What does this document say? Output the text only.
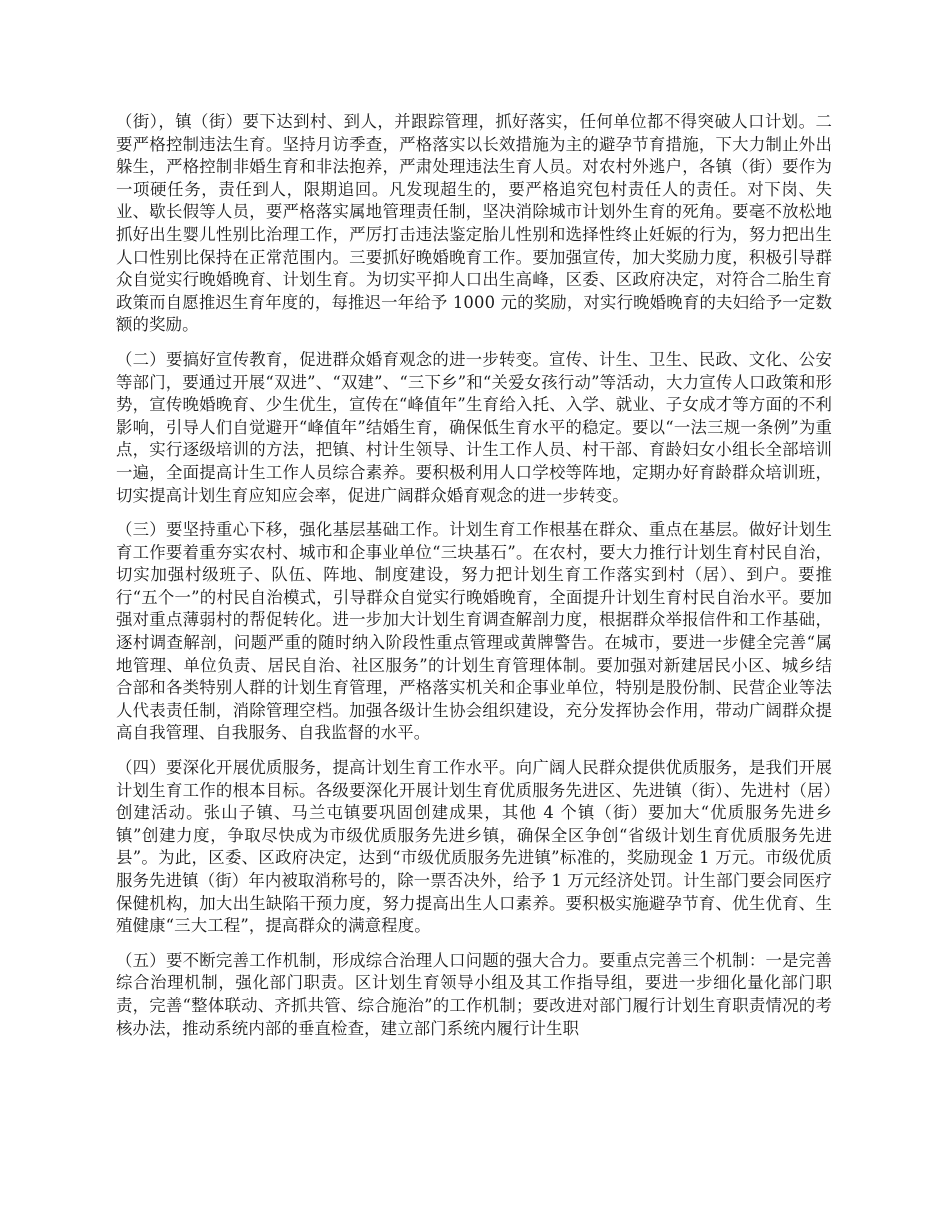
（街），镇（街）要下达到村、到人，并跟踪管理，抓好落实，任何单位都不得突破人口计划。二要严格控制违法生育。坚持月访季查，严格落实以长效措施为主的避孕节育措施，下大力制止外出躲生，严格控制非婚生育和非法抱养，严肃处理违法生育人员。对农村外逃户，各镇（街）要作为一项硬任务，责任到人，限期追回。凡发现超生的，要严格追究包村责任人的责任。对下岗、失业、歇长假等人员，要严格落实属地管理责任制，坚决消除城市计划外生育的死角。要毫不放松地抓好出生婴儿性别比治理工作，严厉打击违法鉴定胎儿性别和选择性终止妊娠的行为，努力把出生人口性别比保持在正常范围内。三要抓好晚婚晚育工作。要加强宣传，加大奖励力度，积极引导群众自觉实行晚婚晚育、计划生育。为切实平抑人口出生高峰，区委、区政府决定，对符合二胎生育政策而自愿推迟生育年度的，每推迟一年给予 1000 元的奖励，对实行晚婚晚育的夫妇给予一定数额的奖励。

（二）要搞好宣传教育，促进群众婚育观念的进一步转变。宣传、计生、卫生、民政、文化、公安等部门，要通过开展“双进”、“双建”、“三下乡”和“关爱女孩行动”等活动，大力宣传人口政策和形势，宣传晚婚晚育、少生优生，宣传在“峰值年”生育给入托、入学、就业、子女成才等方面的不利影响，引导人们自觉避开“峰值年”结婚生育，确保低生育水平的稳定。要以“一法三规一条例”为重点，实行逐级培训的方法，把镇、村计生领导、计生工作人员、村干部、育龄妇女小组长全部培训一遍，全面提高计生工作人员综合素养。要积极利用人口学校等阵地，定期办好育龄群众培训班，切实提高计划生育应知应会率，促进广阔群众婚育观念的进一步转变。

（三）要坚持重心下移，强化基层基础工作。计划生育工作根基在群众、重点在基层。做好计划生育工作要着重夯实农村、城市和企事业单位“三块基石”。在农村，要大力推行计划生育村民自治，切实加强村级班子、队伍、阵地、制度建设，努力把计划生育工作落实到村（居）、到户。要推行“五个一”的村民自治模式，引导群众自觉实行晚婚晚育，全面提升计划生育村民自治水平。要加强对重点薄弱村的帮促转化。进一步加大计划生育调查解剖力度，根据群众举报信件和工作基础，逐村调查解剖，问题严重的随时纳入阶段性重点管理或黄牌警告。在城市，要进一步健全完善“属地管理、单位负责、居民自治、社区服务”的计划生育管理体制。要加强对新建居民小区、城乡结合部和各类特别人群的计划生育管理，严格落实机关和企事业单位，特别是股份制、民营企业等法人代表责任制，消除管理空档。加强各级计生协会组织建设，充分发挥协会作用，带动广阔群众提高自我管理、自我服务、自我监督的水平。

（四）要深化开展优质服务，提高计划生育工作水平。向广阔人民群众提供优质服务，是我们开展计划生育工作的根本目标。各级要深化开展计划生育优质服务先进区、先进镇（街）、先进村（居）创建活动。张山子镇、马兰屯镇要巩固创建成果，其他 4 个镇（街）要加大“优质服务先进乡镇”创建力度，争取尽快成为市级优质服务先进乡镇，确保全区争创“省级计划生育优质服务先进县”。为此，区委、区政府决定，达到“市级优质服务先进镇”标准的，奖励现金 1 万元。市级优质服务先进镇（街）年内被取消称号的，除一票否决外，给予 1 万元经济处罚。计生部门要会同医疗保健机构，加大出生缺陷干预力度，努力提高出生人口素养。要积极实施避孕节育、优生优育、生殖健康“三大工程”，提高群众的满意程度。

（五）要不断完善工作机制，形成综合治理人口问题的强大合力。要重点完善三个机制：一是完善综合治理机制，强化部门职责。区计划生育领导小组及其工作指导组，要进一步细化量化部门职责，完善“整体联动、齐抓共管、综合施治”的工作机制；要改进对部门履行计划生育职责情况的考核办法，推动系统内部的垂直检查，建立部门系统内履行计生职
